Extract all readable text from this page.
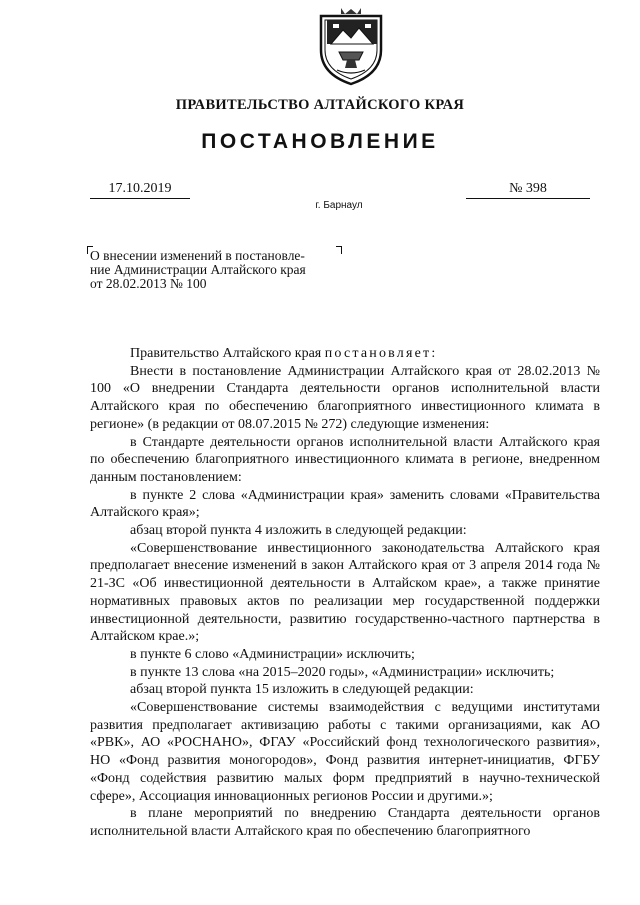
ПРАВИТЕЛЬСТВО АЛТАЙСКОГО КРАЯ
ПОСТАНОВЛЕНИЕ
17.10.2019	№ 398
г. Барнаул
О внесении изменений в постановле-
ние Администрации Алтайского края
от 28.02.2013 № 100

Правительство Алтайского края постановляет:

Внести в постановление Администрации Алтайского края от 28.02.2013 № 100 «О внедрении Стандарта деятельности органов исполнительной власти Алтайского края по обеспечению благоприятного инвестиционного климата в регионе» (в редакции от 08.07.2015 № 272) следующие изменения:

в Стандарте деятельности органов исполнительной власти Алтайского края по обеспечению благоприятного инвестиционного климата в регионе, внедренном данным постановлением:

в пункте 2 слова «Администрации края» заменить словами «Правительства Алтайского края»;

абзац второй пункта 4 изложить в следующей редакции:

«Совершенствование инвестиционного законодательства Алтайского края предполагает внесение изменений в закон Алтайского края от 3 апреля 2014 года № 21-ЗС «Об инвестиционной деятельности в Алтайском крае», а также принятие нормативных правовых актов по реализации мер государственной поддержки инвестиционной деятельности, развитию государственно-частного партнерства в Алтайском крае.»;

в пункте 6 слово «Администрации» исключить;

в пункте 13 слова «на 2015–2020 годы», «Администрации» исключить;

абзац второй пункта 15 изложить в следующей редакции:

«Совершенствование системы взаимодействия с ведущими институтами развития предполагает активизацию работы с такими организациями, как АО «РВК», АО «РОСНАНО», ФГАУ «Российский фонд технологического развития», НО «Фонд развития моногородов», Фонд развития интернет-инициатив, ФГБУ «Фонд содействия развитию малых форм предприятий в научно-технической сфере», Ассоциация инновационных регионов России и другими.»;

в плане мероприятий по внедрению Стандарта деятельности органов исполнительной власти Алтайского края по обеспечению благоприятного
